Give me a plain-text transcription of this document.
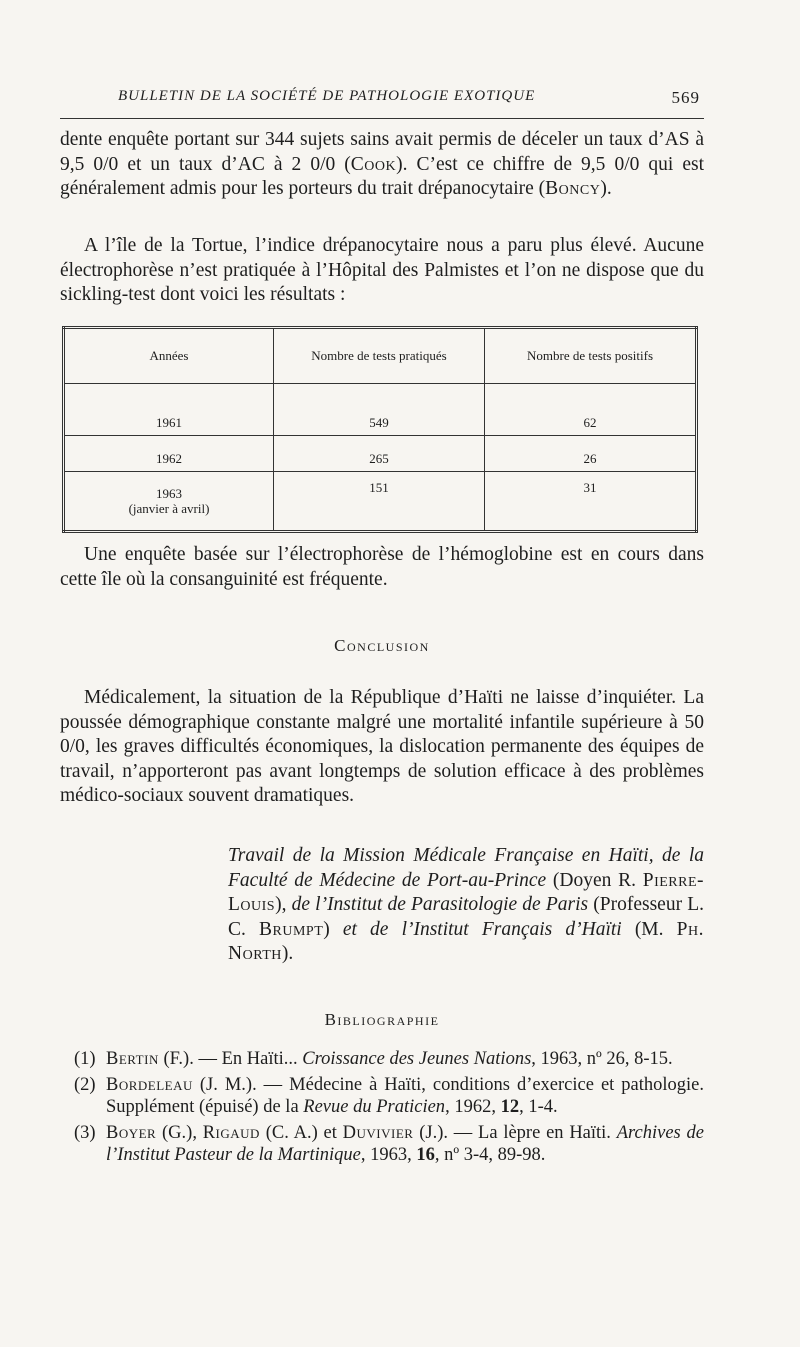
BULLETIN DE LA SOCIÉTÉ DE PATHOLOGIE EXOTIQUE	569
dente enquête portant sur 344 sujets sains avait permis de déceler un taux d’AS à 9,5 0/0 et un taux d’AC à 2 0/0 (Cook). C’est ce chiffre de 9,5 0/0 qui est généralement admis pour les porteurs du trait drépanocytaire (Boncy).
A l’île de la Tortue, l’indice drépanocytaire nous a paru plus élevé. Aucune électrophorèse n’est pratiquée à l’Hôpital des Palmistes et l’on ne dispose que du sickling-test dont voici les résultats :
Années	Nombre de tests pratiqués	Nombre de tests positifs
1961	549	62
1962	265	26

1963
(janvier à avril)	151	31
Une enquête basée sur l’électrophorèse de l’hémoglobine est en cours dans cette île où la consanguinité est fréquente.
Conclusion
Médicalement, la situation de la République d’Haïti ne laisse d’inquiéter. La poussée démographique constante malgré une mortalité infantile supérieure à 50 0/0, les graves difficultés économiques, la dislocation permanente des équipes de travail, n’apporteront pas avant longtemps de solution efficace à des problèmes médico-sociaux souvent dramatiques.
Travail de la Mission Médicale Française en Haïti, de la Faculté de Médecine de Port-au-Prince (Doyen R. Pierre-Louis), de l’Institut de Parasitologie de Paris (Professeur L. C. Brumpt) et de l’Institut Français d’Haïti (M. Ph. North).
Bibliographie
(1) Bertin (F.). — En Haïti... Croissance des Jeunes Nations, 1963, nº 26, 8-15.
(2) Bordeleau (J. M.). — Médecine à Haïti, conditions d’exercice et pathologie. Supplément (épuisé) de la Revue du Praticien, 1962, 12, 1-4.
(3) Boyer (G.), Rigaud (C. A.) et Duvivier (J.). — La lèpre en Haïti. Archives de l’Institut Pasteur de la Martinique, 1963, 16, nº 3-4, 89-98.
